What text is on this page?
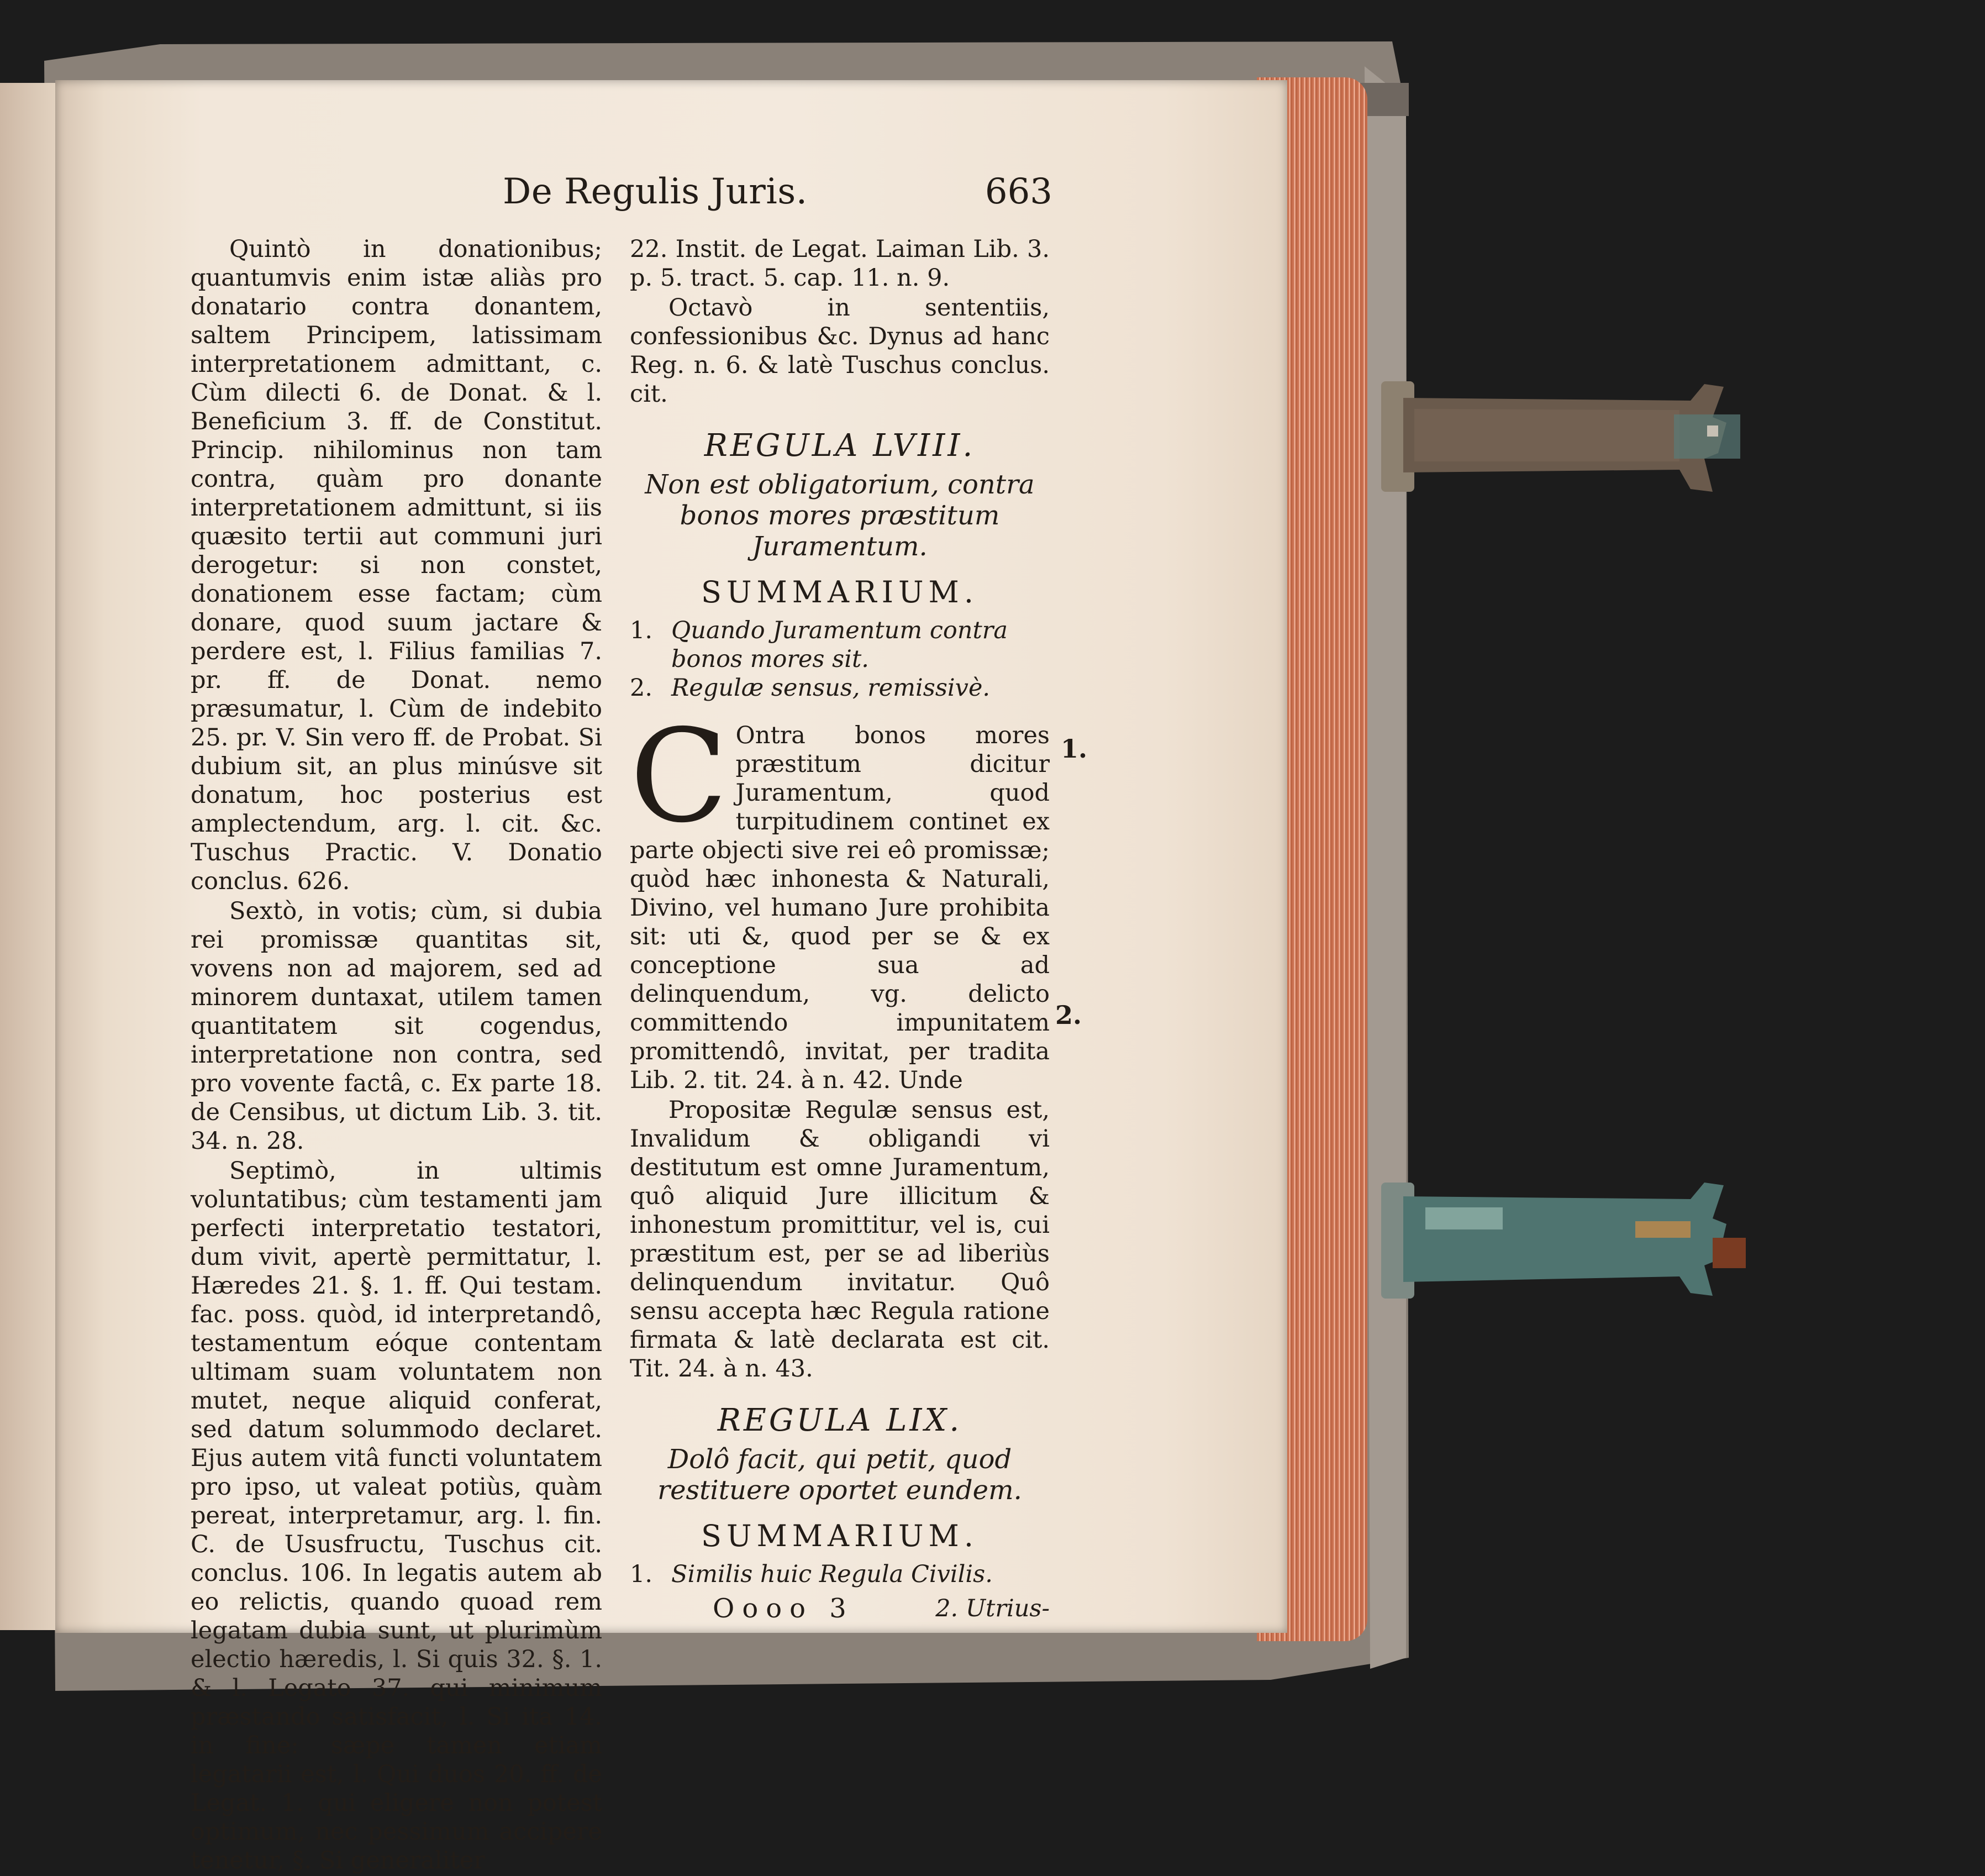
De Regulis Juris.	663

Quintò in donationibus; quantumvis enim istæ aliàs pro donatario contra donantem, saltem Principem, latissimam interpretationem admittant, c. Cùm dilecti 6. de Donat. & l. Beneficium 3. ff. de Constitut. Princip. nihilominus non tam contra, quàm pro donante interpretationem admittunt, si iis quæsito tertii aut communi juri derogetur: si non constet, donationem esse factam; cùm donare, quod suum jactare & perdere est, l. Filius familias 7. pr. ff. de Donat. nemo præsumatur, l. Cùm de indebito 25. pr. V. Sin vero ff. de Probat. Si dubium sit, an plus minúsve sit donatum, hoc posterius est amplectendum, arg. l. cit. &c. Tuschus Practic. V. Donatio conclus. 626.

Sextò, in votis; cùm, si dubia rei promissæ quantitas sit, vovens non ad majorem, sed ad minorem duntaxat, utilem tamen quantitatem sit cogendus, interpretatione non contra, sed pro vovente factâ, c. Ex parte 18. de Censibus, ut dictum Lib. 3. tit. 34. n. 28.

Septimò, in ultimis voluntatibus; cùm testamenti jam perfecti interpretatio testatori, dum vivit, apertè permittatur, l. Hæredes 21. §. 1. ff. Qui testam. fac. poss. quòd, id interpretandô, testamentum eóque contentam ultimam suam voluntatem non mutet, neque aliquid conferat, sed datum solummodo declaret. Ejus autem vitâ functi voluntatem pro ipso, ut valeat potiùs, quàm pereat, interpretamur, arg. l. fin. C. de Ususfructu, Tuschus cit. conclus. 106. In legatis autem ab eo relictis, quando quoad rem legatam dubia sunt, ut plurimùm electio hæredis, l. Si quis 32. §. 1. & l. Legato 37. qui minimum præstando satisfacit, l. Si ita 14. in fine: sæpe tamen etiam legatarii est, l. Qui duos 20. ff. de Legat. 1. qui eligere non potest optimum, nec pessimum accipere tenetur, §. Si generaliter

22. Instit. de Legat. Laiman Lib. 3. p. 5. tract. 5. cap. 11. n. 9.

Octavò in sententiis, confessionibus &c. Dynus ad hanc Reg. n. 6. & latè Tuschus conclus. cit.

REGULA LVIII.
Non est obligatorium, contra bonos mores præstitum Juramentum.
SUMMARIUM.
1. Quando Juramentum contra bonos mores sit.
2. Regulæ sensus, remissivè.

C Ontra bonos mores præstitum dicitur Juramentum, quod turpitudinem continet ex parte objecti sive rei eô promissæ; quòd hæc inhonesta & Naturali, Divino, vel humano Jure prohibita sit: uti &, quod per se & ex conceptione sua ad delinquendum, vg. delicto committendo impunitatem promittendô, invitat, per tradita Lib. 2. tit. 24. à n. 42. Unde

Propositæ Regulæ sensus est, Invalidum & obligandi vi destitutum est omne Juramentum, quô aliquid Jure illicitum & inhonestum promittitur, vel is, cui præstitum est, per se ad liberiùs delinquendum invitatur. Quô sensu accepta hæc Regula ratione firmata & latè declarata est cit. Tit. 24. à n. 43.

REGULA LIX.
Dolô facit, qui petit, quod restituere oportet eundem.
SUMMARIUM.
1. Similis huic Regula Civilis.
Oooo 3	2. Utrius-
1.
2.
